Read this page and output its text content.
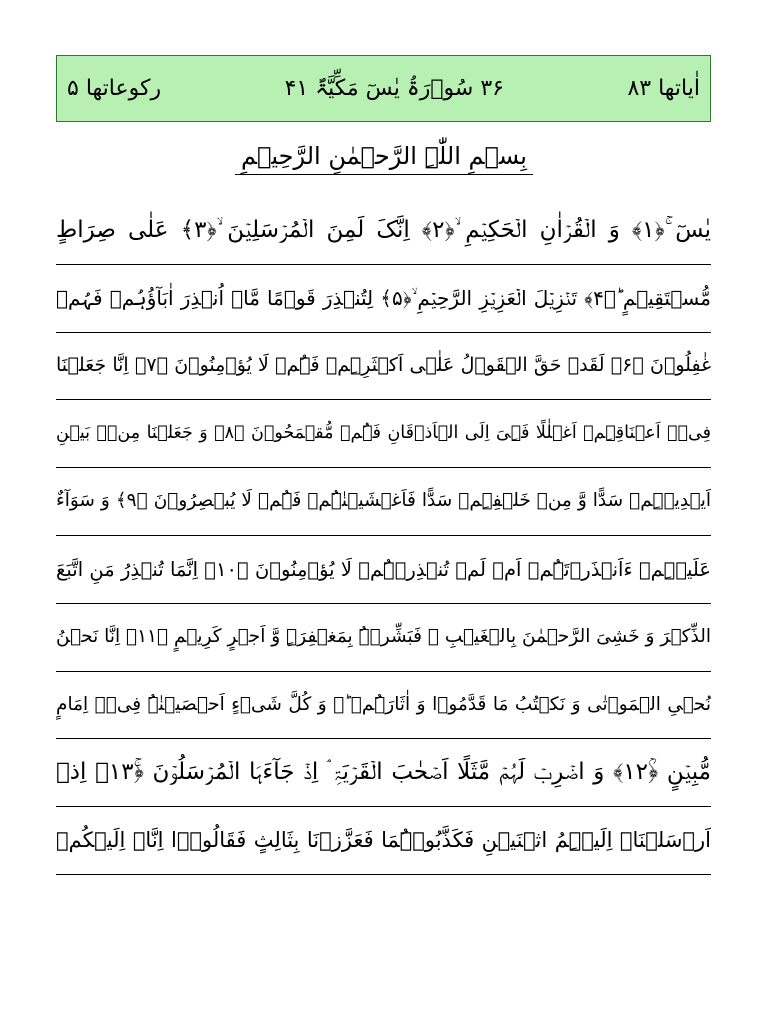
اٰیاتھا ۸۳
۳۶ سُوۡرَۃُ یٰسٓ مَکِّیَّۃٌ ۴۱
رکوعاتھا ۵
بِسۡمِ اللّٰہِ الرَّحۡمٰنِ الرَّحِیۡمِ
یٰسٓ ۚ﴿۱﴾ وَ الۡقُرۡاٰنِ الۡحَکِیۡمِ ۙ﴿۲﴾ اِنَّکَ لَمِنَ الۡمُرۡسَلِیۡنَ ۙ﴿۳﴾ عَلٰی صِرَاطٍ
مُّسۡتَقِیۡمٍ ؕ﴿۴﴾ تَنۡزِیۡلَ الۡعَزِیۡزِ الرَّحِیۡمِ ۙ﴿۵﴾ لِتُنۡذِرَ قَوۡمًا مَّاۤ اُنۡذِرَ اٰبَآؤُہُمۡ فَہُمۡ
غٰفِلُوۡنَ ﴿۶﴾ لَقَدۡ حَقَّ الۡقَوۡلُ عَلٰۤی اَکۡثَرِہِمۡ فَہُمۡ لَا یُؤۡمِنُوۡنَ ﴿۷﴾ اِنَّا جَعَلۡنَا
فِیۡۤ اَعۡنَاقِہِمۡ اَغۡلٰلًا فَہِیَ اِلَی الۡاَذۡقَانِ فَہُمۡ مُّقۡمَحُوۡنَ ﴿۸﴾ وَ جَعَلۡنَا مِنۡۢ بَیۡنِ
اَیۡدِیۡہِمۡ سَدًّا وَّ مِنۡ خَلۡفِہِمۡ سَدًّا فَاَغۡشَیۡنٰہُمۡ فَہُمۡ لَا یُبۡصِرُوۡنَ ﴿۹﴾ وَ سَوَآءٌ
عَلَیۡہِمۡ ءَاَنۡذَرۡتَہُمۡ اَمۡ لَمۡ تُنۡذِرۡہُمۡ لَا یُؤۡمِنُوۡنَ ﴿۱۰﴾ اِنَّمَا تُنۡذِرُ مَنِ اتَّبَعَ
الذِّکۡرَ وَ خَشِیَ الرَّحۡمٰنَ بِالۡغَیۡبِ ۚ فَبَشِّرۡہُ بِمَغۡفِرَۃٍ وَّ اَجۡرٍ کَرِیۡمٍ ﴿۱۱﴾ اِنَّا نَحۡنُ
نُحۡیِ الۡمَوۡتٰی وَ نَکۡتُبُ مَا قَدَّمُوۡا وَ اٰثَارَہُمۡ ؕۛ وَ کُلَّ شَیۡءٍ اَحۡصَیۡنٰہُ فِیۡۤ اِمَامٍ
مُّبِیۡنٍ ﴿ؒ۱۲﴾ وَ اضۡرِبۡ لَہُمۡ مَّثَلًا اَصۡحٰبَ الۡقَرۡیَۃِ ۘ اِذۡ جَآءَہَا الۡمُرۡسَلُوۡنَ ﴿ۚ۱۳﴾ اِذۡ
اَرۡسَلۡنَاۤ اِلَیۡہِمُ اثۡنَیۡنِ فَکَذَّبُوۡہُمَا فَعَزَّزۡنَا بِثَالِثٍ فَقَالُوۡۤا اِنَّاۤ اِلَیۡکُمۡ
